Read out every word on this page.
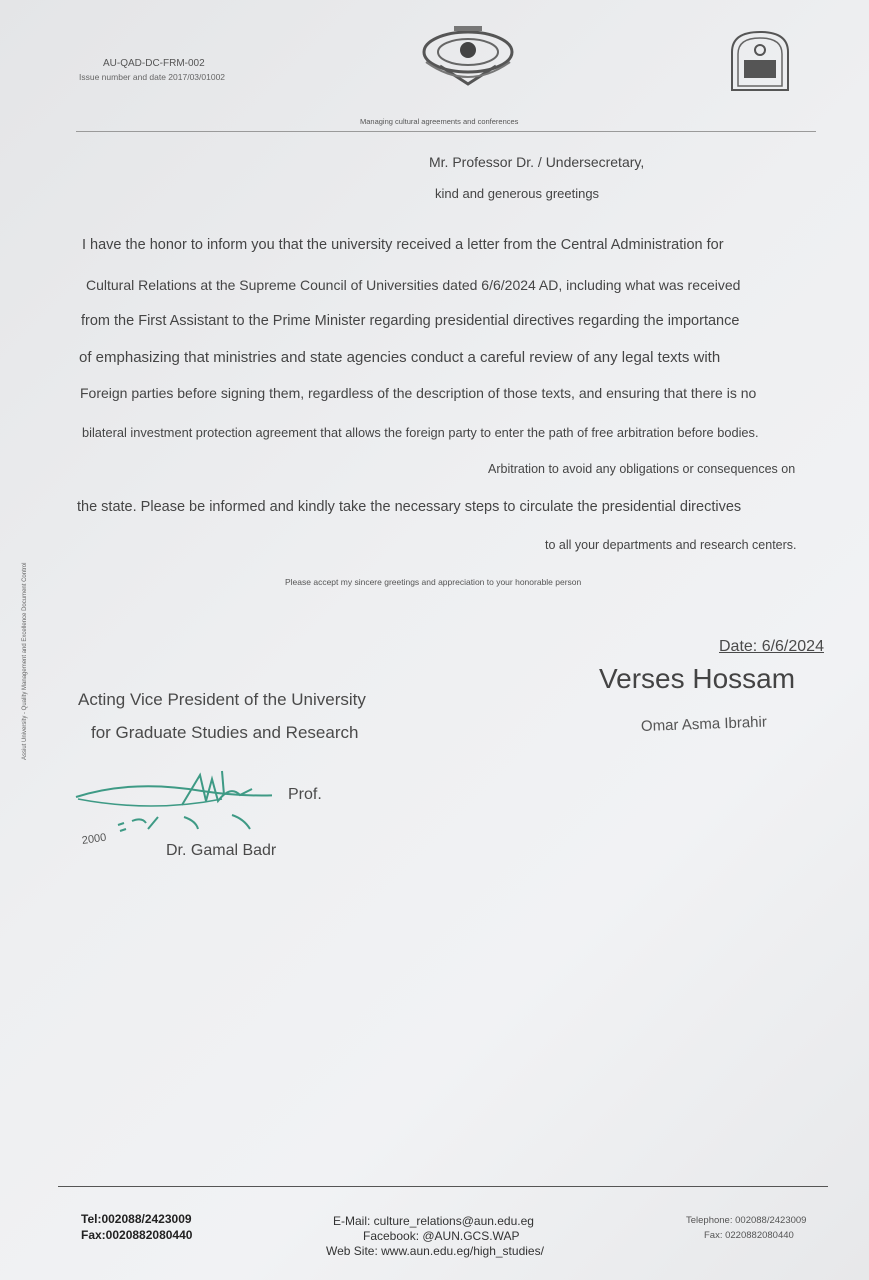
AU-QAD-DC-FRM-002
Issue number and date 2017/03/01002
Managing cultural agreements and conferences
Mr. Professor Dr. / Undersecretary,
kind and generous greetings
I have the honor to inform you that the university received a letter from the Central Administration for
Cultural Relations at the Supreme Council of Universities dated 6/6/2024 AD, including what was received
from the First Assistant to the Prime Minister regarding presidential directives regarding the importance
of emphasizing that ministries and state agencies conduct a careful review of any legal texts with
Foreign parties before signing them, regardless of the description of those texts, and ensuring that there is no
bilateral investment protection agreement that allows the foreign party to enter the path of free arbitration before bodies.
Arbitration to avoid any obligations or consequences on
the state. Please be informed and kindly take the necessary steps to circulate the presidential directives
to all your departments and research centers.
Please accept my sincere greetings and appreciation to your honorable person
Date: 6/6/2024
Verses Hossam
Omar Asma Ibrahir
Acting Vice President of the University
for Graduate Studies and Research
Prof.
2000
Dr. Gamal Badr
Assiut University - Quality Management and Excellence Document Control
Tel:002088/2423009
Fax:0020882080440
E-Mail: culture_relations@aun.edu.eg
Facebook: @AUN.GCS.WAP
Web Site: www.aun.edu.eg/high_studies/
Telephone: 002088/2423009
Fax: 0220882080440
